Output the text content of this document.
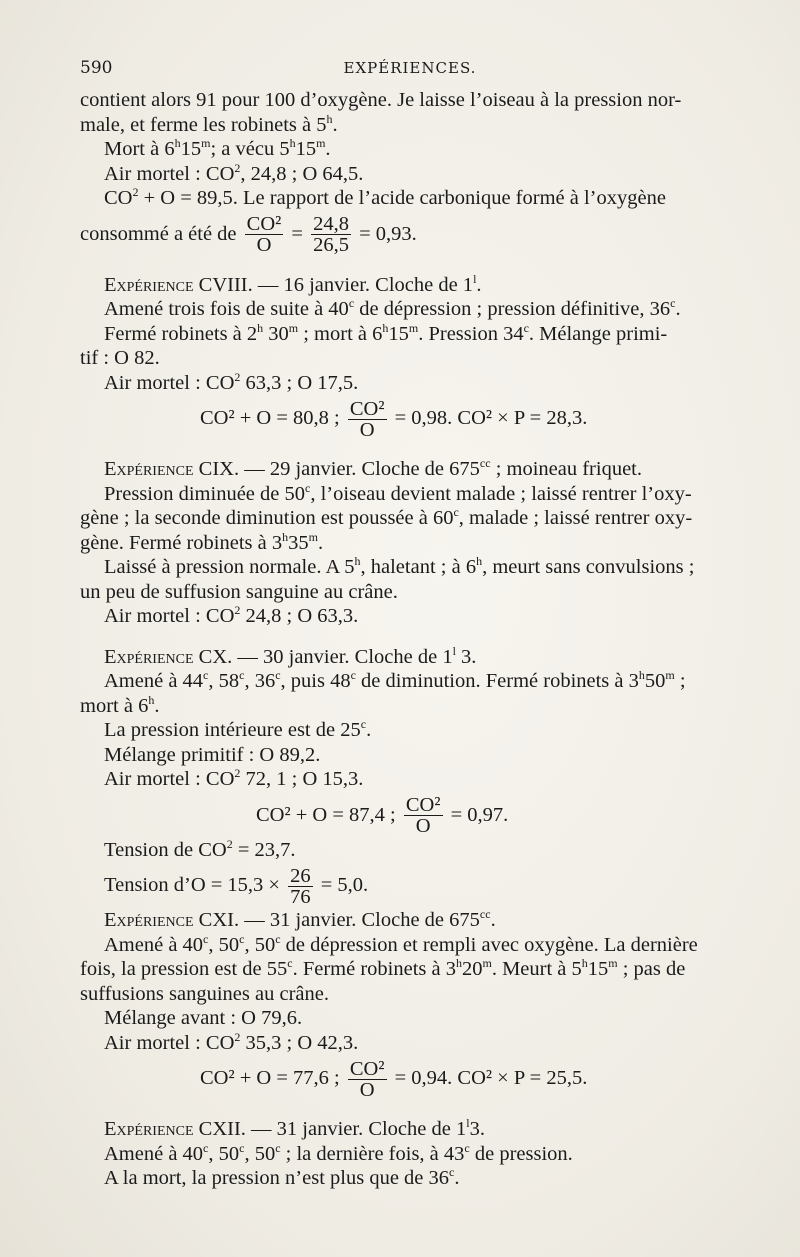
590	EXPÉRIENCES.

contient alors 91 pour 100 d’oxygène. Je laisse l’oiseau à la pression nor-

male, et ferme les robinets à 5$^h$.

Mort à 6$^h$15$^m$; a vécu 5$^h$15$^m$.

Air mortel : $CO^2$, 24,8 ; O 64,5.

$CO^2 + O = 89,5$. Le rapport de l’acide carbonique formé à l’oxygène

consommé a été de $\frac{\text{CO²}}{O} = \frac{24,8}{26,5} = 0,93$.

Expérience CVIII. — 16 janvier. Cloche de 1$^l$.

Amené trois fois de suite à 40$^c$ de dépression ; pression définitive, 36$^c$.

Fermé robinets à 2$^h$ 30$^m$ ; mort à 6$^h$15$^m$. Pression 34$^c$. Mélange primi-

tif : O 82.

Air mortel : $CO^2$ 63,3 ; O 17,5.

CO² + O = 80,8 ; $\frac{\text{CO²}}{O} = 0,98$. CO² × P = 28,3.

Expérience CIX. — 29 janvier. Cloche de $675^{cc}$ ; moineau friquet.

Pression diminuée de 50$^c$, l’oiseau devient malade ; laissé rentrer l’oxy-

gène ; la seconde diminution est poussée à 60$^c$, malade ; laissé rentrer oxy-

gène. Fermé robinets à 3$^h$35$^m$.

Laissé à pression normale. A 5$^h$, haletant ; à 6$^h$, meurt sans convulsions ;

un peu de suffusion sanguine au crâne.

Air mortel : $CO^2$ 24,8 ; O 63,3.

Expérience CX. — 30 janvier. Cloche de 1$^l$ 3.

Amené à 44$^c$, 58$^c$, 36$^c$, puis 48$^c$ de diminution. Fermé robinets à 3$^h$50$^m$ ;

mort à 6$^h$.

La pression intérieure est de 25$^c$.

Mélange primitif : O 89,2.

Air mortel : $CO^2$ 72, 1 ; O 15,3.

CO² + O = 87,4 ; $\frac{\text{CO²}}{O} = 0,97$.

Tension de $CO^2 = 23,7$.

Tension d’O = $15,3 \times \frac{26}{76} = 5,0$.

Expérience CXI. — 31 janvier. Cloche de $675^{cc}$.

Amené à 40$^c$, 50$^c$, 50$^c$ de dépression et rempli avec oxygène. La dernière

fois, la pression est de 55$^c$. Fermé robinets à 3$^h$20$^m$. Meurt à 5$^h$15$^m$ ; pas de

suffusions sanguines au crâne.

Mélange avant : O 79,6.

Air mortel : $CO^2$ 35,3 ; O 42,3.

CO² + O = 77,6 ; $\frac{\text{CO²}}{O} = 0,94$. CO² × P = 25,5.

Expérience CXII. — 31 janvier. Cloche de 1$^l$3.

Amené à 40$^c$, 50$^c$, 50$^c$ ; la dernière fois, à 43$^c$ de pression.

A la mort, la pression n’est plus que de 36$^c$.
